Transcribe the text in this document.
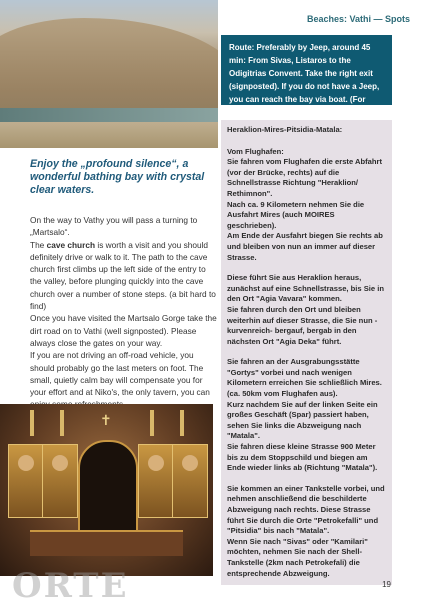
Beaches: Vathi — Spots
Route: Preferably by Jeep, around 45 min: From Sivas, Listaros to the Odigitrias Convent. Take the right exit (signposted). If you do not have a Jeep, you can reach the bay via boat. (For tours go to page 36)
Enjoy the „profound silence“, a wonderful bathing bay with crystal clear waters.

On the way to Vathy you will pass a turning to „Martsalo“.

The cave church is worth a visit and you should definitely drive or walk to it. The path to the cave church first climbs up the left side of the entry to the valley, before plunging quickly into the cave church over a number of stone steps. (a bit hard to find)

Once you have visited the Martsalo Gorge take the dirt road on to Vathi (well signposted). Please always close the gates on your way.

If you are not driving an off-road vehicle, you should probably go the last meters on foot. The small, quietly calm bay will compensate you for your effort and at Niko's, the only tavern, you can

Heraklion-Mires-Pitsidia-Matala:

Vom Flughafen:
Sie fahren vom Flughafen die erste Abfahrt (vor der Brücke, rechts) auf die Schnellstrasse Richtung "Heraklion/ Rethimnon".
Nach ca. 9 Kilometern nehmen Sie die Ausfahrt Mires (auch MOIRES geschrieben).
Am Ende der Ausfahrt biegen Sie rechts ab und bleiben von nun an immer auf dieser Strasse.

Diese führt Sie aus Heraklion heraus, zunächst auf eine Schnellstrasse, bis Sie in den Ort "Agia Vavara" kommen.
Sie fahren durch den Ort und bleiben weiterhin auf dieser Strasse, die Sie nun -kurvenreich- bergauf, bergab in den nächsten Ort "Agia Deka" führt.

Sie fahren an der Ausgrabungsstätte "Gortys" vorbei und nach wenigen Kilometern erreichen Sie schließlich Mires. (ca. 50km vom Flughafen aus).
Kurz nachdem Sie auf der linken Seite ein großes Geschäft (Spar) passiert haben, sehen Sie links die Abzweigung nach "Matala".
Sie fahren diese kleine Strasse 900 Meter bis zu dem Stoppschild und biegen am Ende wieder links ab (Richtung "Matala").

Sie kommen an einer Tankstelle vorbei, und nehmen anschließend die beschilderte Abzweigung nach rechts. Diese Strasse führt Sie durch die Orte "Petrokefalli" und "Pitsidia" bis nach "Matala".
Wenn Sie nach "Sivas" oder "Kamilari" möchten, nehmen Sie nach der Shell-Tankstelle (2km nach Petrokefali) die entsprechende Abzweigung.

✝
ORTE	19
